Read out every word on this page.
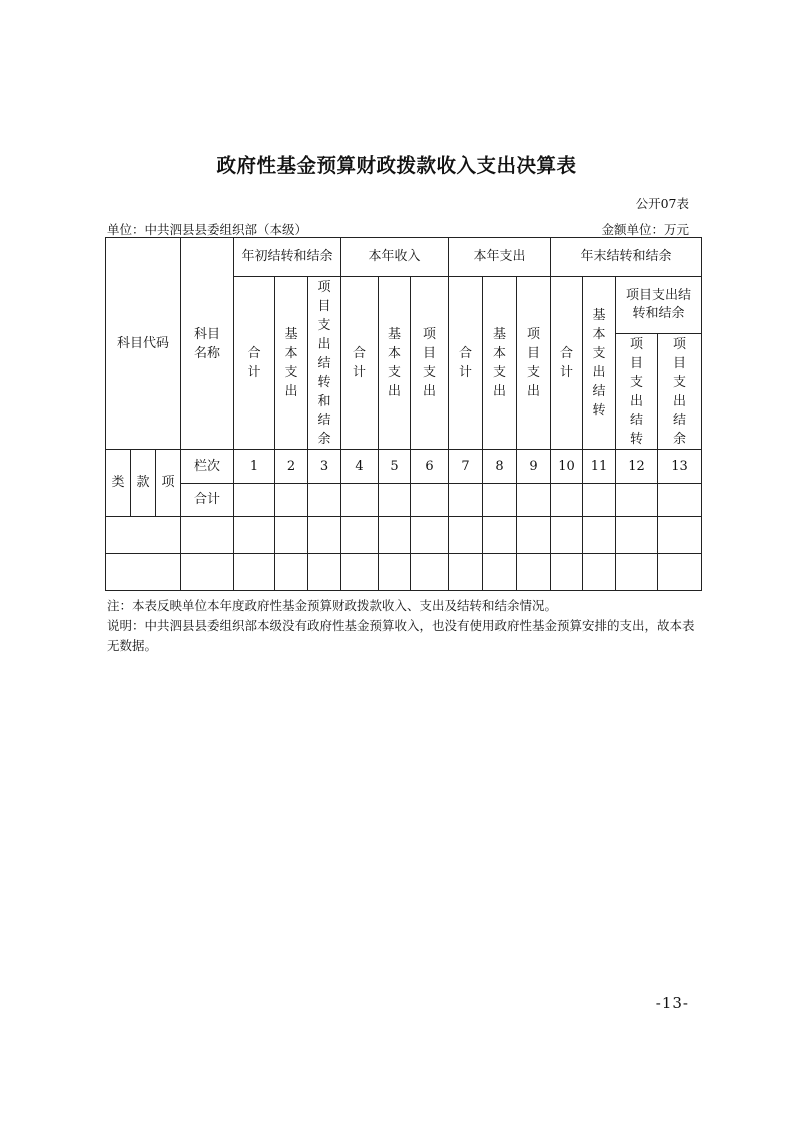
政府性基金预算财政拨款收入支出决算表
公开07表
单位：中共泗县县委组织部（本级）	金额单位：万元
科目代码			科目名称	年初结转和结余			本年收入			本年支出			年末结转和结余			
				合计	基本支出	项目支出结转和结余	合计	基本支出	项目支出	合计	基本支出	项目支出	合计	基本支出结转	项目支出结转和结余	
															项目支出结转	项目支出结余

类	款	项	栏次	1	2	3	4	5	6	7	8	9	10	11	12	13
			合计													

注：本表反映单位本年度政府性基金预算财政拨款收入、支出及结转和结余情况。
说明：中共泗县县委组织部本级没有政府性基金预算收入，也没有使用政府性基金预算安排的支出，故本表无数据。
-13-
